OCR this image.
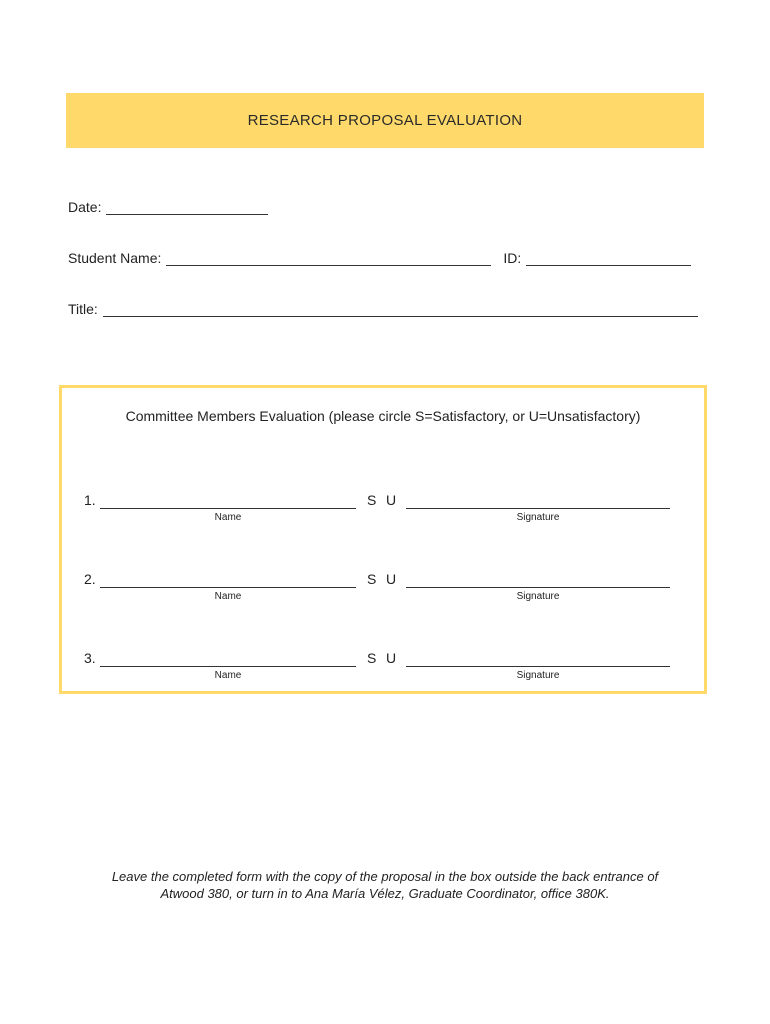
RESEARCH PROPOSAL EVALUATION
Date:
Student Name:	ID:
Title:
Committee Members Evaluation (please circle S=Satisfactory, or U=Unsatisfactory)
1.	S U
Name	Signature
2.	S U
Name	Signature
3.	S U
Name	Signature
Leave the completed form with the copy of the proposal in the box outside the back entrance of
Atwood 380, or turn in to Ana María Vélez, Graduate Coordinator, office 380K.
